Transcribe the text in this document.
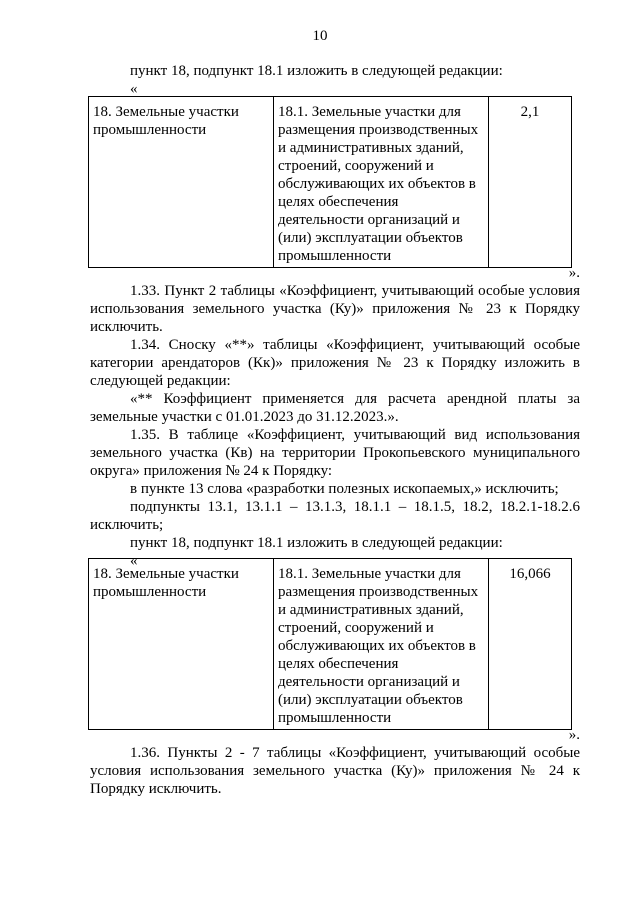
10
пункт 18, подпункт 18.1 изложить в следующей редакции:
«
18. Земельные участки промышленности	18.1. Земельные участки для размещения производственных и административных зданий, строений, сооружений и обслуживающих их объектов в целях обеспечения деятельности организаций и (или) эксплуатации объектов промышленности	2,1
».
1.33. Пункт 2 таблицы «Коэффициент, учитывающий особые условия
использования земельного участка (Ку)» приложения № 23 к Порядку
исключить.
1.34. Сноску «**» таблицы «Коэффициент, учитывающий особые
категории арендаторов (Кк)» приложения № 23 к Порядку изложить в
следующей редакции:
«** Коэффициент применяется для расчета арендной платы за
земельные участки с 01.01.2023 до 31.12.2023.».
1.35. В таблице «Коэффициент, учитывающий вид использования
земельного участка (Кв) на территории Прокопьевского муниципального
округа» приложения № 24 к Порядку:
в пункте 13 слова «разработки полезных ископаемых,» исключить;
подпункты 13.1, 13.1.1 – 13.1.3, 18.1.1 – 18.1.5, 18.2, 18.2.1-18.2.6
исключить;
пункт 18, подпункт 18.1 изложить в следующей редакции:
«
18. Земельные участки промышленности	18.1. Земельные участки для размещения производственных и административных зданий, строений, сооружений и обслуживающих их объектов в целях обеспечения деятельности организаций и (или) эксплуатации объектов промышленности	16,066
».
1.36. Пункты 2 - 7 таблицы «Коэффициент, учитывающий особые
условия использования земельного участка (Ку)» приложения № 24 к
Порядку исключить.
